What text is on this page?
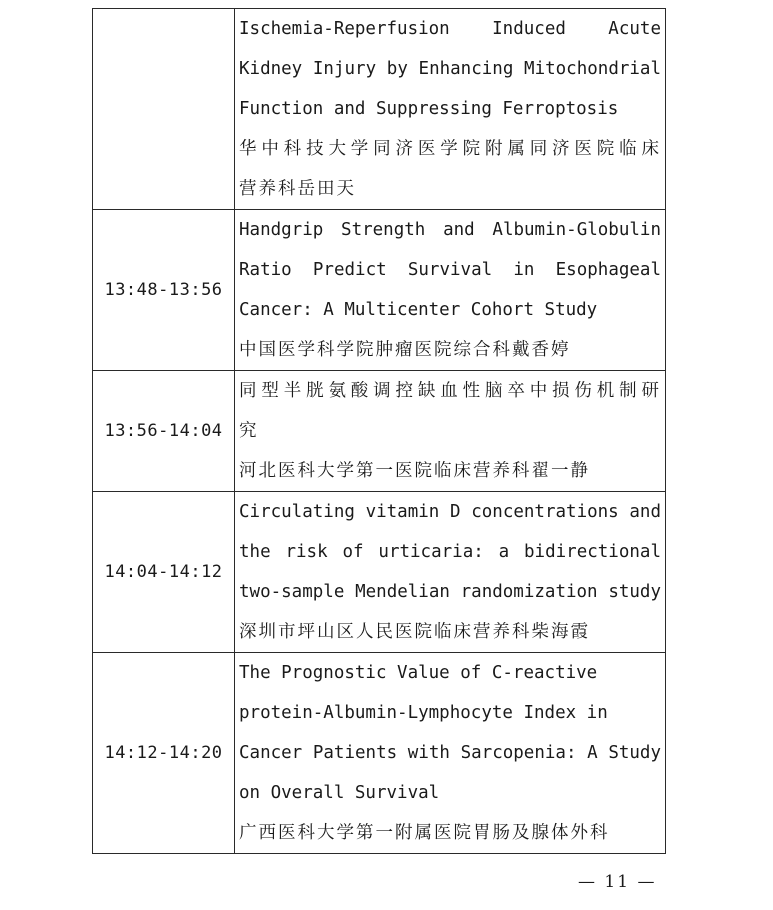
	Ischemia-Reperfusion Induced Acute
Kidney Injury by Enhancing Mitochondrial
Function and Suppressing Ferroptosis
华中科技大学同济医学院附属同济医院临床
营养科岳田天

13:48-13:56	Handgrip Strength and Albumin-Globulin
Ratio Predict Survival in Esophageal
Cancer: A Multicenter Cohort Study
中国医学科学院肿瘤医院综合科戴香婷

13:56-14:04	同型半胱氨酸调控缺血性脑卒中损伤机制研
究
河北医科大学第一医院临床营养科翟一静

14:04-14:12	Circulating vitamin D concentrations and
the risk of urticaria: a bidirectional
two-sample Mendelian randomization study
深圳市坪山区人民医院临床营养科柴海霞

14:12-14:20	The Prognostic Value of C-reactive
protein-Albumin-Lymphocyte Index in
Cancer Patients with Sarcopenia: A Study
on Overall Survival
广西医科大学第一附属医院胃肠及腺体外科
— 11 —
